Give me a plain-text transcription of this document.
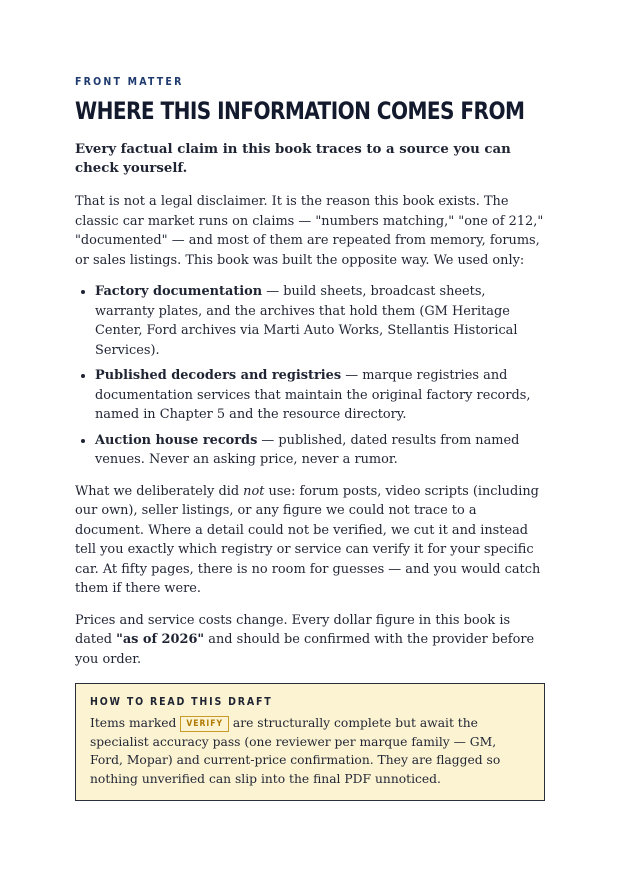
FRONT MATTER
WHERE THIS INFORMATION COMES FROM

Every factual claim in this book traces to a source you can check yourself.

That is not a legal disclaimer. It is the reason this book exists. The classic car market runs on claims — "numbers matching," "one of 212," "documented" — and most of them are repeated from memory, forums, or sales listings. This book was built the opposite way. We used only:

• Factory documentation — build sheets, broadcast sheets, warranty plates, and the archives that hold them (GM Heritage Center, Ford archives via Marti Auto Works, Stellantis Historical Services).
• Published decoders and registries — marque registries and documentation services that maintain the original factory records, named in Chapter 5 and the resource directory.
• Auction house records — published, dated results from named venues. Never an asking price, never a rumor.

What we deliberately did not use: forum posts, video scripts (including our own), seller listings, or any figure we could not trace to a document. Where a detail could not be verified, we cut it and instead tell you exactly which registry or service can verify it for your specific car. At fifty pages, there is no room for guesses — and you would catch them if there were.

Prices and service costs change. Every dollar figure in this book is dated "as of 2026" and should be confirmed with the provider before you order.

HOW TO READ THIS DRAFT

Items marked VERIFY are structurally complete but await the specialist accuracy pass (one reviewer per marque family — GM, Ford, Mopar) and current-price confirmation. They are flagged so nothing unverified can slip into the final PDF unnoticed.
